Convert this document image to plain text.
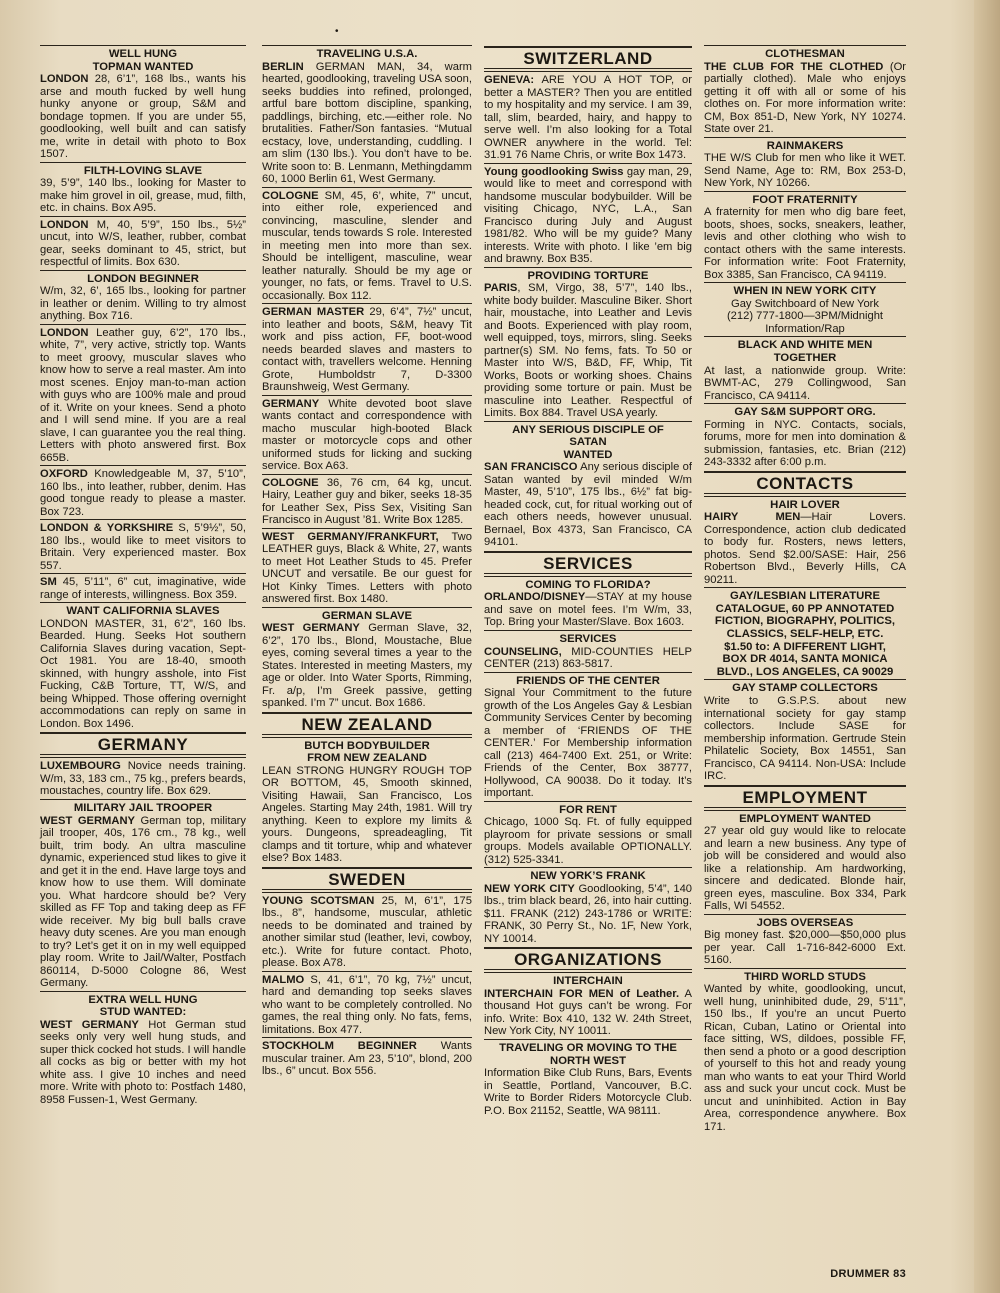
•
WELL HUNG
TOPMAN WANTED

LONDON 28, 6’1”, 168 lbs., wants his arse and mouth fucked by well hung hunky anyone or group, S&M and bondage topmen. If you are under 55, goodlooking, well built and can satisfy me, write in detail with photo to Box 1507.

FILTH-LOVING SLAVE

39, 5’9”, 140 lbs., looking for Master to make him grovel in oil, grease, mud, filth, etc. in chains. Box A95.

LONDON M, 40, 5’9”, 150 lbs., 5½” uncut, into W/S, leather, rubber, combat gear, seeks dominant to 45, strict, but respectful of limits. Box 630.

LONDON BEGINNER

W/m, 32, 6’, 165 lbs., looking for partner in leather or denim. Willing to try almost anything. Box 716.

LONDON Leather guy, 6’2”, 170 lbs., white, 7”, very active, strictly top. Wants to meet groovy, muscular slaves who know how to serve a real master. Am into most scenes. Enjoy man-to-man action with guys who are 100% male and proud of it. Write on your knees. Send a photo and I will send mine. If you are a real slave, I can guarantee you the real thing. Letters with photo answered first. Box 665B.

OXFORD Knowledgeable M, 37, 5’10”, 160 lbs., into leather, rubber, denim. Has good tongue ready to please a master. Box 723.

LONDON & YORKSHIRE S, 5’9½”, 50, 180 lbs., would like to meet visitors to Britain. Very experienced master. Box 557.

SM 45, 5’11”, 6” cut, imaginative, wide range of interests, willingness. Box 359.

WANT CALIFORNIA SLAVES

LONDON MASTER, 31, 6’2”, 160 lbs. Bearded. Hung. Seeks Hot southern California Slaves during vacation, Sept-Oct 1981. You are 18-40, smooth skinned, with hungry asshole, into Fist Fucking, C&B Torture, TT, W/S, and being Whipped. Those offering overnight accommodations can reply on same in London. Box 1496.

GERMANY

LUXEMBOURG Novice needs training. W/m, 33, 183 cm., 75 kg., prefers beards, moustaches, country life. Box 629.

MILITARY JAIL TROOPER

WEST GERMANY German top, military jail trooper, 40s, 176 cm., 78 kg., well built, trim body. An ultra masculine dynamic, experienced stud likes to give it and get it in the end. Have large toys and know how to use them. Will dominate you. What hardcore should be? Very skilled as FF Top and taking deep as FF wide receiver. My big bull balls crave heavy duty scenes. Are you man enough to try? Let’s get it on in my well equipped play room. Write to Jail/Walter, Postfach 860114, D-5000 Cologne 86, West Germany.

EXTRA WELL HUNG
STUD WANTED:

WEST GERMANY Hot German stud seeks only very well hung studs, and super thick cocked hot studs. I will handle all cocks as big or better with my hot white ass. I give 10 inches and need more. Write with photo to: Postfach 1480, 8958 Fussen-1, West Germany.

TRAVELING U.S.A.

BERLIN GERMAN MAN, 34, warm hearted, goodlooking, traveling USA soon, seeks buddies into refined, prolonged, artful bare bottom discipline, spanking, paddlings, birching, etc.—either role. No brutalities. Father/Son fantasies. “Mutual ecstacy, love, understanding, cuddling. I am slim (130 lbs.). You don’t have to be. Write soon to: B. Lenmann, Methingdamm 60, 1000 Berlin 61, West Germany.

COLOGNE SM, 45, 6’, white, 7” uncut, into either role, experienced and convincing, masculine, slender and muscular, tends towards S role. Interested in meeting men into more than sex. Should be intelligent, masculine, wear leather naturally. Should be my age or younger, no fats, or fems. Travel to U.S. occasionally. Box 112.

GERMAN MASTER 29, 6’4”, 7½” uncut, into leather and boots, S&M, heavy Tit work and piss action, FF, boot-wood needs bearded slaves and masters to contact with, travellers welcome. Henning Grote, Humboldstr 7, D-3300 Braunshweig, West Germany.

GERMANY White devoted boot slave wants contact and correspondence with macho muscular high-booted Black master or motorcycle cops and other uniformed studs for licking and sucking service. Box A63.

COLOGNE 36, 76 cm, 64 kg, uncut. Hairy, Leather guy and biker, seeks 18-35 for Leather Sex, Piss Sex, Visiting San Francisco in August ’81. Write Box 1285.

WEST GERMANY/FRANKFURT, Two LEATHER guys, Black & White, 27, wants to meet Hot Leather Studs to 45. Prefer UNCUT and versatile. Be our guest for Hot Kinky Times. Letters with photo answered first. Box 1480.

GERMAN SLAVE

WEST GERMANY German Slave, 32, 6’2”, 170 lbs., Blond, Moustache, Blue eyes, coming several times a year to the States. Interested in meeting Masters, my age or older. Into Water Sports, Rimming, Fr. a/p, I’m Greek passive, getting spanked. I’m 7” uncut. Box 1686.

NEW ZEALAND
BUTCH BODYBUILDER
FROM NEW ZEALAND

LEAN STRONG HUNGRY ROUGH TOP OR BOTTOM, 45, Smooth skinned, Visiting Hawaii, San Francisco, Los Angeles. Starting May 24th, 1981. Will try anything. Keen to explore my limits & yours. Dungeons, spreadeagling, Tit clamps and tit torture, whip and whatever else? Box 1483.

SWEDEN

YOUNG SCOTSMAN 25, M, 6’1”, 175 lbs., 8”, handsome, muscular, athletic needs to be dominated and trained by another similar stud (leather, levi, cowboy, etc.). Write for future contact. Photo, please. Box A78.

MALMO S, 41, 6’1”, 70 kg, 7½” uncut, hard and demanding top seeks slaves who want to be completely controlled. No games, the real thing only. No fats, fems, limitations. Box 477.

STOCKHOLM BEGINNER Wants muscular trainer. Am 23, 5’10”, blond, 200 lbs., 6” uncut. Box 556.

SWITZERLAND

GENEVA: ARE YOU A HOT TOP, or better a MASTER? Then you are entitled to my hospitality and my service. I am 39, tall, slim, bearded, hairy, and happy to serve well. I’m also looking for a Total OWNER anywhere in the world. Tel: 31.91 76 Name Chris, or write Box 1473.

Young goodlooking Swiss gay man, 29, would like to meet and correspond with handsome muscular bodybuilder. Will be visiting Chicago, NYC, L.A., San Francisco during July and August 1981/82. Who will be my guide? Many interests. Write with photo. I like ’em big and brawny. Box B35.

PROVIDING TORTURE

PARIS, SM, Virgo, 38, 5’7”, 140 lbs., white body builder. Masculine Biker. Short hair, moustache, into Leather and Levis and Boots. Experienced with play room, well equipped, toys, mirrors, sling. Seeks partner(s) SM. No fems, fats. To 50 or Master into W/S, B&D, FF, Whip, Tit Works, Boots or working shoes. Chains providing some torture or pain. Must be masculine into Leather. Respectful of Limits. Box 884. Travel USA yearly.

ANY SERIOUS DISCIPLE OF
SATAN
WANTED

SAN FRANCISCO Any serious disciple of Satan wanted by evil minded W/m Master, 49, 5’10”, 175 lbs., 6½” fat big-headed cock, cut, for ritual working out of each others needs, however unusual. Bernael, Box 4373, San Francisco, CA 94101.

SERVICES
COMING TO FLORIDA?

ORLANDO/DISNEY—STAY at my house and save on motel fees. I’m W/m, 33, Top. Bring your Master/Slave. Box 1603.

SERVICES

COUNSELING, MID-COUNTIES HELP CENTER (213) 863-5817.

FRIENDS OF THE CENTER

Signal Your Commitment to the future growth of the Los Angeles Gay & Lesbian Community Services Center by becoming a member of ‘FRIENDS OF THE CENTER.’ For Membership information call (213) 464-7400 Ext. 251, or Write: Friends of the Center, Box 38777, Hollywood, CA 90038. Do it today. It’s important.

FOR RENT

Chicago, 1000 Sq. Ft. of fully equipped playroom for private sessions or small groups. Models available OPTIONALLY. (312) 525-3341.

NEW YORK’S FRANK

NEW YORK CITY Goodlooking, 5’4”, 140 lbs., trim black beard, 26, into hair cutting. $11. FRANK (212) 243-1786 or WRITE: FRANK, 30 Perry St., No. 1F, New York, NY 10014.

ORGANIZATIONS
INTERCHAIN

INTERCHAIN FOR MEN of Leather. A thousand Hot guys can’t be wrong. For info. Write: Box 410, 132 W. 24th Street, New York City, NY 10011.

TRAVELING OR MOVING TO THE
NORTH WEST

Information Bike Club Runs, Bars, Events in Seattle, Portland, Vancouver, B.C. Write to Border Riders Motorcycle Club. P.O. Box 21152, Seattle, WA 98111.

CLOTHESMAN

THE CLUB FOR THE CLOTHED (Or partially clothed). Male who enjoys getting it off with all or some of his clothes on. For more information write: CM, Box 851-D, New York, NY 10274. State over 21.

RAINMAKERS

THE W/S Club for men who like it WET. Send Name, Age to: RM, Box 253-D, New York, NY 10266.

FOOT FRATERNITY

A fraternity for men who dig bare feet, boots, shoes, socks, sneakers, leather, levis and other clothing who wish to contact others with the same interests. For information write: Foot Fraternity, Box 3385, San Francisco, CA 94119.

WHEN IN NEW YORK CITY

Gay Switchboard of New York
(212) 777-1800—3PM/Midnight
Information/Rap

BLACK AND WHITE MEN
TOGETHER

At last, a nationwide group. Write: BWMT-AC, 279 Collingwood, San Francisco, CA 94114.

GAY S&M SUPPORT ORG.

Forming in NYC. Contacts, socials, forums, more for men into domination & submission, fantasies, etc. Brian (212) 243-3332 after 6:00 p.m.

CONTACTS
HAIR LOVER

HAIRY MEN—Hair Lovers. Correspondence, action club dedicated to body fur. Rosters, news letters, photos. Send $2.00/SASE: Hair, 256 Robertson Blvd., Beverly Hills, CA 90211.

GAY/LESBIAN LITERATURE
CATALOGUE, 60 PP ANNOTATED
FICTION, BIOGRAPHY, POLITICS,
CLASSICS, SELF-HELP, ETC.
$1.50 to: A DIFFERENT LIGHT,
BOX DR 4014, SANTA MONICA
BLVD., LOS ANGELES, CA 90029

GAY STAMP COLLECTORS

Write to G.S.P.S. about new international society for gay stamp collectors. Include SASE for membership information. Gertrude Stein Philatelic Society, Box 14551, San Francisco, CA 94114. Non-USA: Include IRC.

EMPLOYMENT
EMPLOYMENT WANTED

27 year old guy would like to relocate and learn a new business. Any type of job will be considered and would also like a relationship. Am hardworking, sincere and dedicated. Blonde hair, green eyes, masculine. Box 334, Park Falls, WI 54552.

JOBS OVERSEAS

Big money fast. $20,000—$50,000 plus per year. Call 1-716-842-6000 Ext. 5160.

THIRD WORLD STUDS

Wanted by white, goodlooking, uncut, well hung, uninhibited dude, 29, 5’11”, 150 lbs., If you’re an uncut Puerto Rican, Cuban, Latino or Oriental into face sitting, WS, dildoes, possible FF, then send a photo or a good description of yourself to this hot and ready young man who wants to eat your Third World ass and suck your uncut cock. Must be uncut and uninhibited. Action in Bay Area, correspondence anywhere. Box 171.

DRUMMER 83
